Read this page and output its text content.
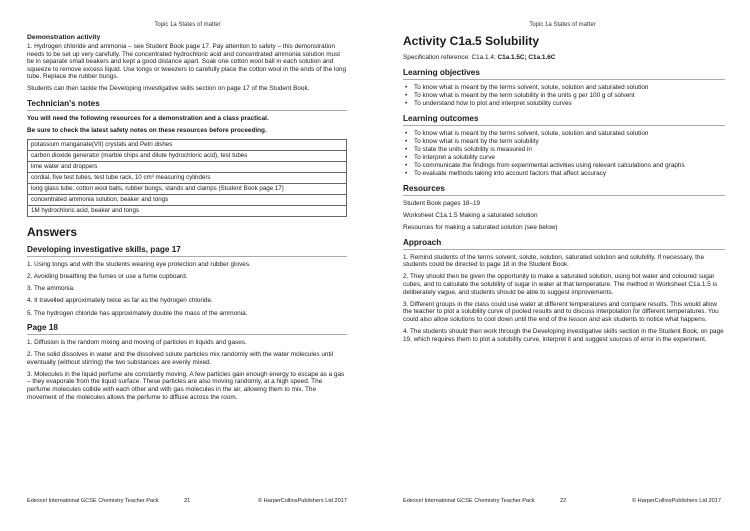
Topic 1a States of matter
Demonstration activity

1. Hydrogen chloride and ammonia – see Student Book page 17. Pay attention to safety – this demonstration needs to be set up very carefully. The concentrated hydrochloric acid and concentrated ammonia solution must be in separate small beakers and kept a good distance apart. Soak one cotton wool ball in each solution and squeeze to remove excess liquid. Use tongs or tweezers to carefully place the cotton wool in the ends of the long tube. Replace the rubber bungs.

Students can then tackle the Developing investigative skills section on page 17 of the Student Book.

Technician's notes

You will need the following resources for a demonstration and a class practical.

Be sure to check the latest safety notes on these resources before proceeding.

potassium manganate(VII) crystals and Petri dishes
carbon dioxide generator (marble chips and dilute hydrochloric acid), test tubes
lime water and droppers
cordial, five test tubes, test tube rack, 10 cm³ measuring cylinders
long glass tube, cotton wool balls, rubber bungs, stands and clamps (Student Book page 17)
concentrated ammonia solution, beaker and tongs
1M hydrochloric acid, beaker and tongs
Answers
Developing investigative skills, page 17

1. Using tongs and with the students wearing eye protection and rubber gloves.

2. Avoiding breathing the fumes or use a fume cupboard.

3. The ammonia.

4. It travelled approximately twice as far as the hydrogen chloride.

5. The hydrogen chloride has approximately double the mass of the ammonia.

Page 18

1. Diffusion is the random mixing and moving of particles in liquids and gases.

2. The solid dissolves in water and the dissolved solute particles mix randomly with the water molecules until eventually (without stirring) the two substances are evenly mixed.

3. Molecules in the liquid perfume are constantly moving. A few particles gain enough energy to escape as a gas – they evaporate from the liquid surface. These particles are also moving randomly, at a high speed. The perfume molecules collide with each other and with gas molecules in the air, allowing them to mix. The movement of the molecules allows the perfume to diffuse across the room.

Edexcel International GCSE Chemistry Teacher Pack	21	© HarperCollinsPublishers Ltd 2017
Topic 1a States of matter
Activity C1a.5 Solubility
Specification reference: C1a.1.4; C1a.1.5C; C1a.1.6C
Learning objectives
• To know what is meant by the terms solvent, solute, solution and saturated solution
• To know what is meant by the term solubility in the units g per 100 g of solvent
• To understand how to plot and interpret solubility curves
Learning outcomes
• To know what is meant by the terms solvent, solute, solution and saturated solution
• To know what is meant by the term solubility
• To state the units solubility is measured in
• To interpret a solubility curve
• To communicate the findings from experimental activities using relevant calculations and graphs
• To evaluate methods taking into account factors that affect accuracy
Resources

Student Book pages 18–19

Worksheet C1a.1.5 Making a saturated solution

Resources for making a saturated solution (see below)

Approach

1. Remind students of the terms solvent, solute, solution, saturated solution and solubility. If necessary, the students could be directed to page 18 in the Student Book.

2. They should then be given the opportunity to make a saturated solution, using hot water and coloured sugar cubes, and to calculate the solubility of sugar in water at that temperature. The method in Worksheet C1a.1.5 is deliberately vague, and students should be able to suggest improvements.

3. Different groups in the class could use water at different temperatures and compare results. This would allow the teacher to plot a solubility curve of pooled results and to discuss interpolation for different temperatures. You could also allow solutions to cool down until the end of the lesson and ask students to notice what happens.

4. The students should then work through the Developing investigative skills section in the Student Book, on page 19, which requires them to plot a solubility curve, interpret it and suggest sources of error in the experiment.

Edexcel International GCSE Chemistry Teacher Pack	22	© HarperCollinsPublishers Ltd 2017
